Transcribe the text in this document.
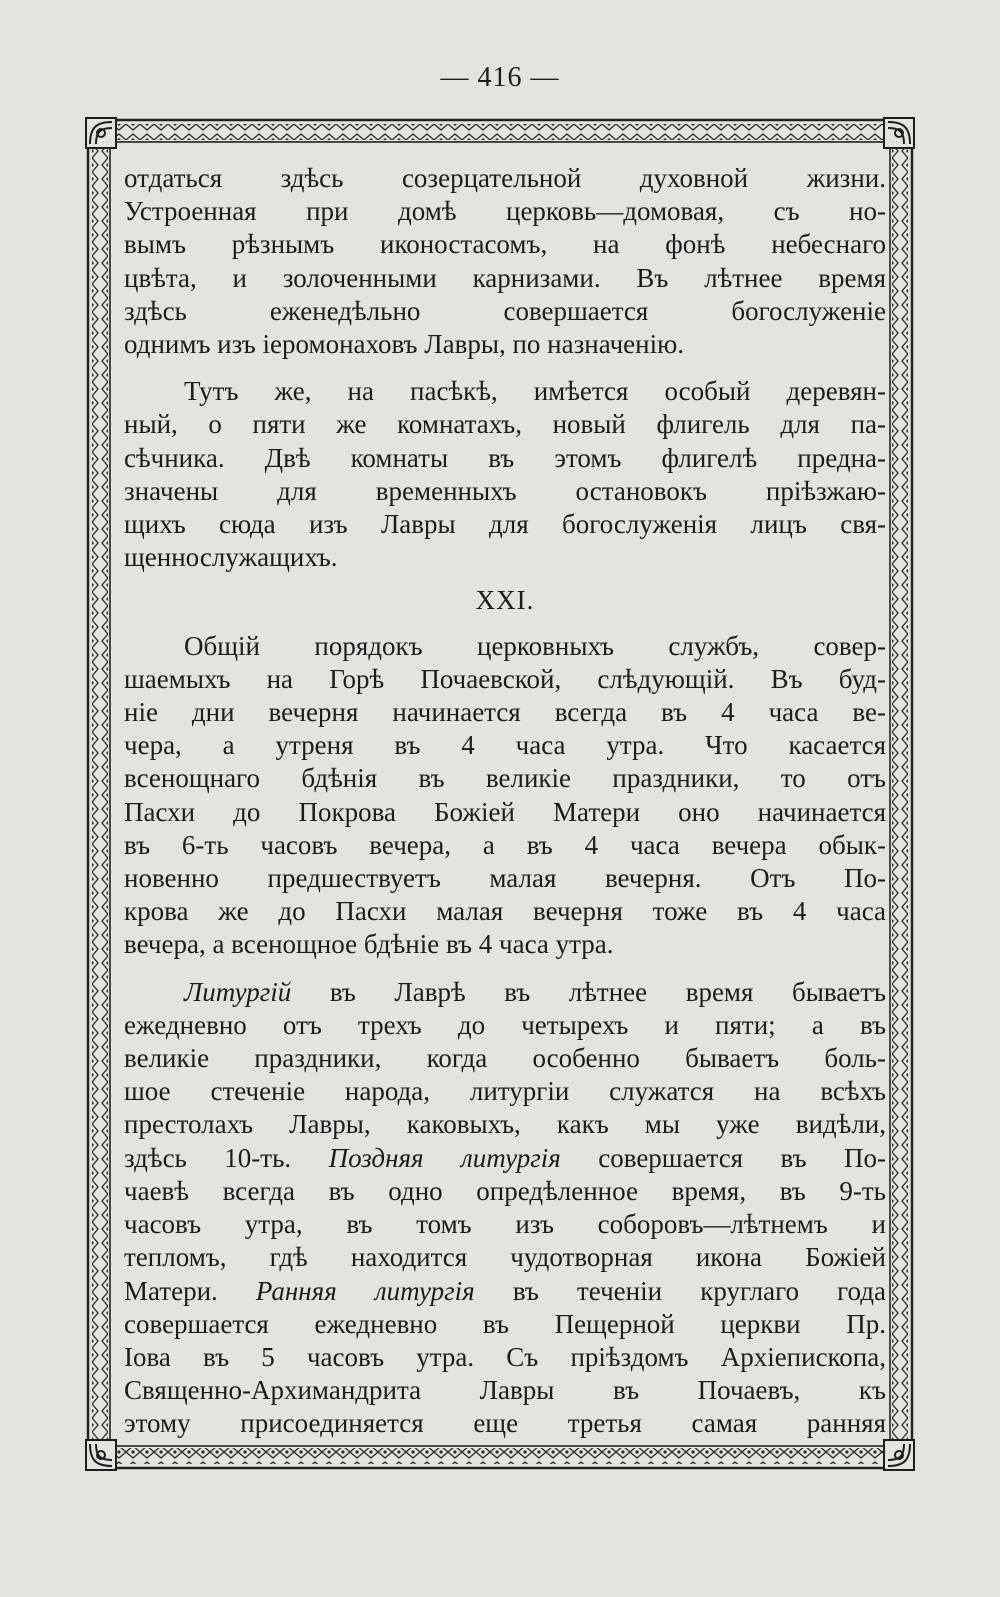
— 416 —
отдаться здѣсь созерцательной духовной жизни.
Устроенная при домѣ церковь—домовая, съ но-
вымъ рѣзнымъ иконостасомъ, на фонѣ небеснаго
цвѣта, и золоченными карнизами. Въ лѣтнее время
здѣсь еженедѣльно совершается богослуженіе
однимъ изъ іеромонаховъ Лавры, по назначенію.
Тутъ же, на пасѣкѣ, имѣется особый деревян-
ный, о пяти же комнатахъ, новый флигель для па-
сѣчника. Двѣ комнаты въ этомъ флигелѣ предна-
значены для временныхъ остановокъ пріѣзжаю-
щихъ сюда изъ Лавры для богослуженія лицъ свя-
щеннослужащихъ.
XXI.
Общій порядокъ церковныхъ службъ, совер-
шаемыхъ на Горѣ Почаевской, слѣдующій. Въ буд-
ніе дни вечерня начинается всегда въ 4 часа ве-
чера, а утреня въ 4 часа утра. Что касается
всенощнаго бдѣнія въ великіе праздники, то отъ
Пасхи до Покрова Божіей Матери оно начинается
въ 6-ть часовъ вечера, а въ 4 часа вечера обык-
новенно предшествуетъ малая вечерня. Отъ По-
крова же до Пасхи малая вечерня тоже въ 4 часа
вечера, а всенощное бдѣніе въ 4 часа утра.
Литургій въ Лаврѣ въ лѣтнее время бываетъ
ежедневно отъ трехъ до четырехъ и пяти; а въ
великіе праздники, когда особенно бываетъ боль-
шое стеченіе народа, литургіи служатся на всѣхъ
престолахъ Лавры, каковыхъ, какъ мы уже видѣли,
здѣсь 10-ть. Поздняя литургія совершается въ По-
чаевѣ всегда въ одно опредѣленное время, въ 9-ть
часовъ утра, въ томъ изъ соборовъ—лѣтнемъ и
тепломъ, гдѣ находится чудотворная икона Божіей
Матери. Ранняя литургія въ теченіи круглаго года
совершается ежедневно въ Пещерной церкви Пр.
Іова въ 5 часовъ утра. Съ пріѣздомъ Архіепископа,
Священно-Архимандрита Лавры въ Почаевъ, къ
этому присоединяется еще третья самая ранняя
